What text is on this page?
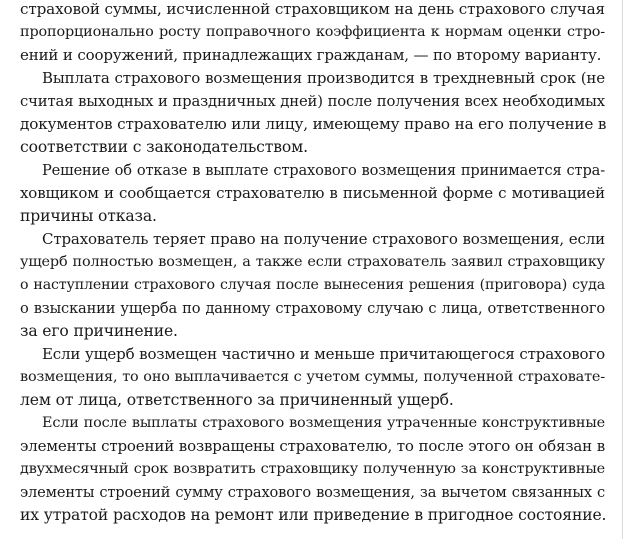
страховой суммы, исчисленной страховщиком на день страхового случая
пропорционально росту поправочного коэффициента к нормам оценки стро-
ений и сооружений, принадлежащих гражданам, — по второму варианту.
Выплата страхового возмещения производится в трехдневный срок (не
считая выходных и праздничных дней) после получения всех необходимых
документов страхователю или лицу, имеющему право на его получение в
соответствии с законодательством.
Решение об отказе в выплате страхового возмещения принимается стра-
ховщиком и сообщается страхователю в письменной форме с мотивацией
причины отказа.
Страхователь теряет право на получение страхового возмещения, если
ущерб полностью возмещен, а также если страхователь заявил страховщику
о наступлении страхового случая после вынесения решения (приговора) суда
о взыскании ущерба по данному страховому случаю с лица, ответственного
за его причинение.
Если ущерб возмещен частично и меньше причитающегося страхового
возмещения, то оно выплачивается с учетом суммы, полученной страховате-
лем от лица, ответственного за причиненный ущерб.
Если после выплаты страхового возмещения утраченные конструктивные
элементы строений возвращены страхователю, то после этого он обязан в
двухмесячный срок возвратить страховщику полученную за конструктивные
элементы строений сумму страхового возмещения, за вычетом связанных с
их утратой расходов на ремонт или приведение в пригодное состояние.
